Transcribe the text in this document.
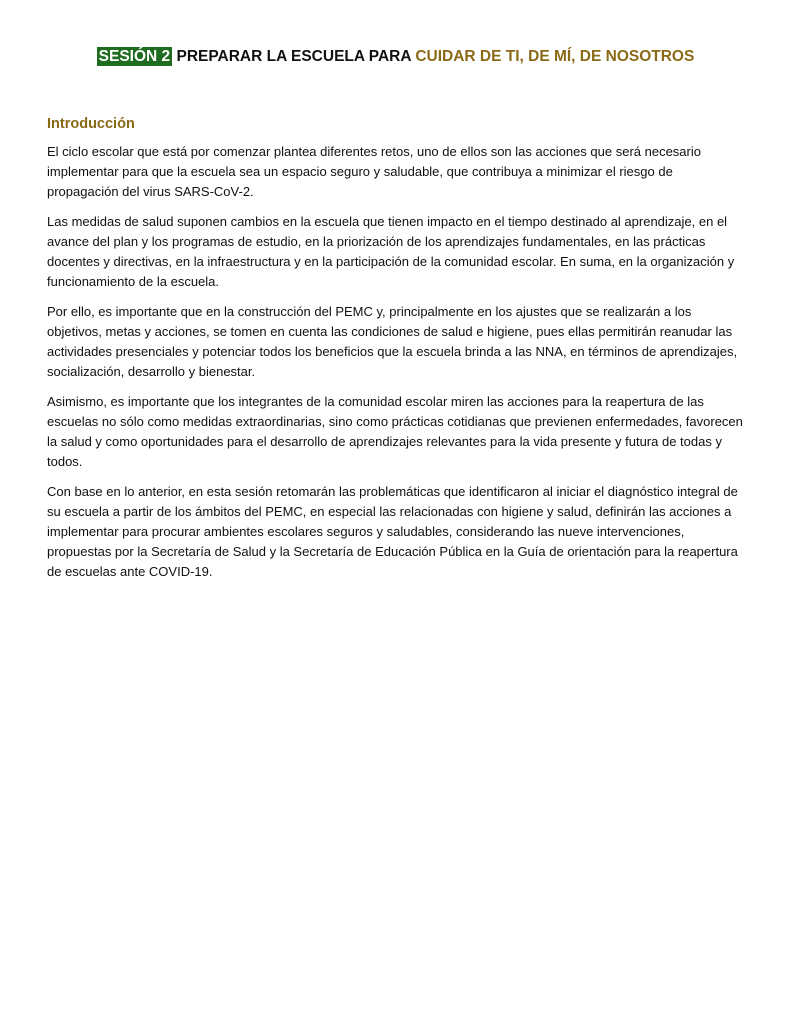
SESIÓN 2 PREPARAR LA ESCUELA PARA CUIDAR DE TI, DE MÍ, DE NOSOTROS
Introducción

El ciclo escolar que está por comenzar plantea diferentes retos, uno de ellos son las acciones que será necesario implementar para que la escuela sea un espacio seguro y saludable, que contribuya a minimizar el riesgo de propagación del virus SARS-CoV-2.

Las medidas de salud suponen cambios en la escuela que tienen impacto en el tiempo destinado al aprendizaje, en el avance del plan y los programas de estudio, en la priorización de los aprendizajes fundamentales, en las prácticas docentes y directivas, en la infraestructura y en la participación de la comunidad escolar. En suma, en la organización y funcionamiento de la escuela.

Por ello, es importante que en la construcción del PEMC y, principalmente en los ajustes que se realizarán a los objetivos, metas y acciones, se tomen en cuenta las condiciones de salud e higiene, pues ellas permitirán reanudar las actividades presenciales y potenciar todos los beneficios que la escuela brinda a las NNA, en términos de aprendizajes, socialización, desarrollo y bienestar.

Asimismo, es importante que los integrantes de la comunidad escolar miren las acciones para la reapertura de las escuelas no sólo como medidas extraordinarias, sino como prácticas cotidianas que previenen enfermedades, favorecen la salud y como oportunidades para el desarrollo de aprendizajes relevantes para la vida presente y futura de todas y todos.

Con base en lo anterior, en esta sesión retomarán las problemáticas que identificaron al iniciar el diagnóstico integral de su escuela a partir de los ámbitos del PEMC, en especial las relacionadas con higiene y salud, definirán las acciones a implementar para procurar ambientes escolares seguros y saludables, considerando las nueve intervenciones, propuestas por la Secretaría de Salud y la Secretaría de Educación Pública en la Guía de orientación para la reapertura de escuelas ante COVID-19.
